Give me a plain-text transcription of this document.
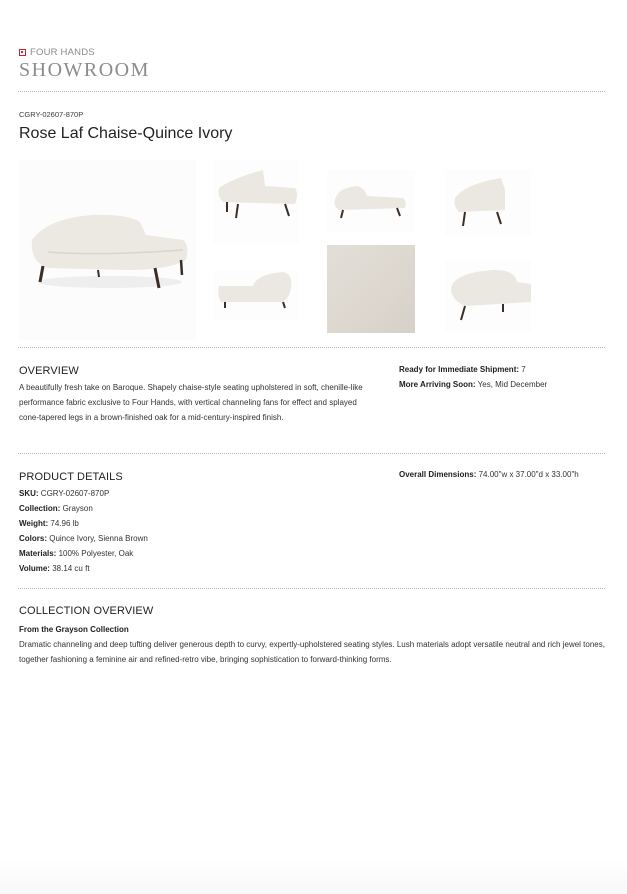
FOUR HANDS
SHOWROOM
CGRY-02607-870P
Rose Laf Chaise-Quince Ivory
OVERVIEW
A beautifully fresh take on Baroque. Shapely chaise-style seating upholstered in soft, chenille-like performance fabric exclusive to Four Hands, with vertical channeling fans for effect and splayed cone-tapered legs in a brown-finished oak for a mid-century-inspired finish.
Ready for Immediate Shipment: 7
More Arriving Soon: Yes, Mid December
PRODUCT DETAILS
SKU: CGRY-02607-870P
Collection: Grayson
Weight: 74.96 lb
Colors: Quince Ivory, Sienna Brown
Materials: 100% Polyester, Oak
Volume: 38.14 cu ft
Overall Dimensions: 74.00"w x 37.00"d x 33.00"h
COLLECTION OVERVIEW
From the Grayson Collection
Dramatic channeling and deep tufting deliver generous depth to curvy, expertly-upholstered seating styles. Lush materials adopt versatile neutral and rich jewel tones, together fashioning a feminine air and refined-retro vibe, bringing sophistication to forward-thinking forms.
